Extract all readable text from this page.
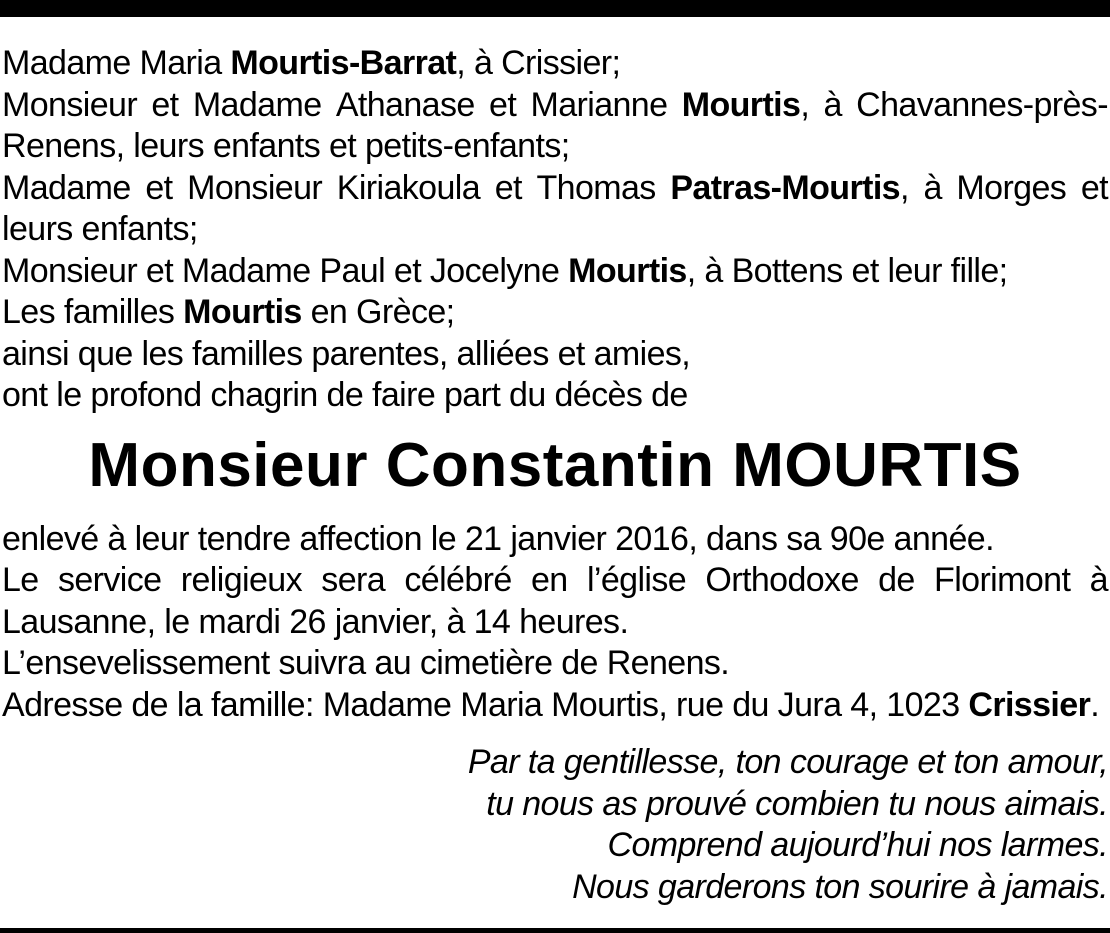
Madame Maria Mourtis-Barrat, à Crissier;
Monsieur et Madame Athanase et Marianne Mourtis, à Chavannes-près-
Renens, leurs enfants et petits-enfants;
Madame et Monsieur Kiriakoula et Thomas Patras-Mourtis, à Morges et
leurs enfants;
Monsieur et Madame Paul et Jocelyne Mourtis, à Bottens et leur fille;
Les familles Mourtis en Grèce;
ainsi que les familles parentes, alliées et amies,
ont le profond chagrin de faire part du décès de
Monsieur Constantin MOURTIS
enlevé à leur tendre affection le 21 janvier 2016, dans sa 90e année.
Le service religieux sera célébré en l’église Orthodoxe de Florimont à
Lausanne, le mardi 26 janvier, à 14 heures.
L’ensevelissement suivra au cimetière de Renens.
Adresse de la famille: Madame Maria Mourtis, rue du Jura 4, 1023 Crissier.
Par ta gentillesse, ton courage et ton amour,
tu nous as prouvé combien tu nous aimais.
Comprend aujourd’hui nos larmes.
Nous garderons ton sourire à jamais.
